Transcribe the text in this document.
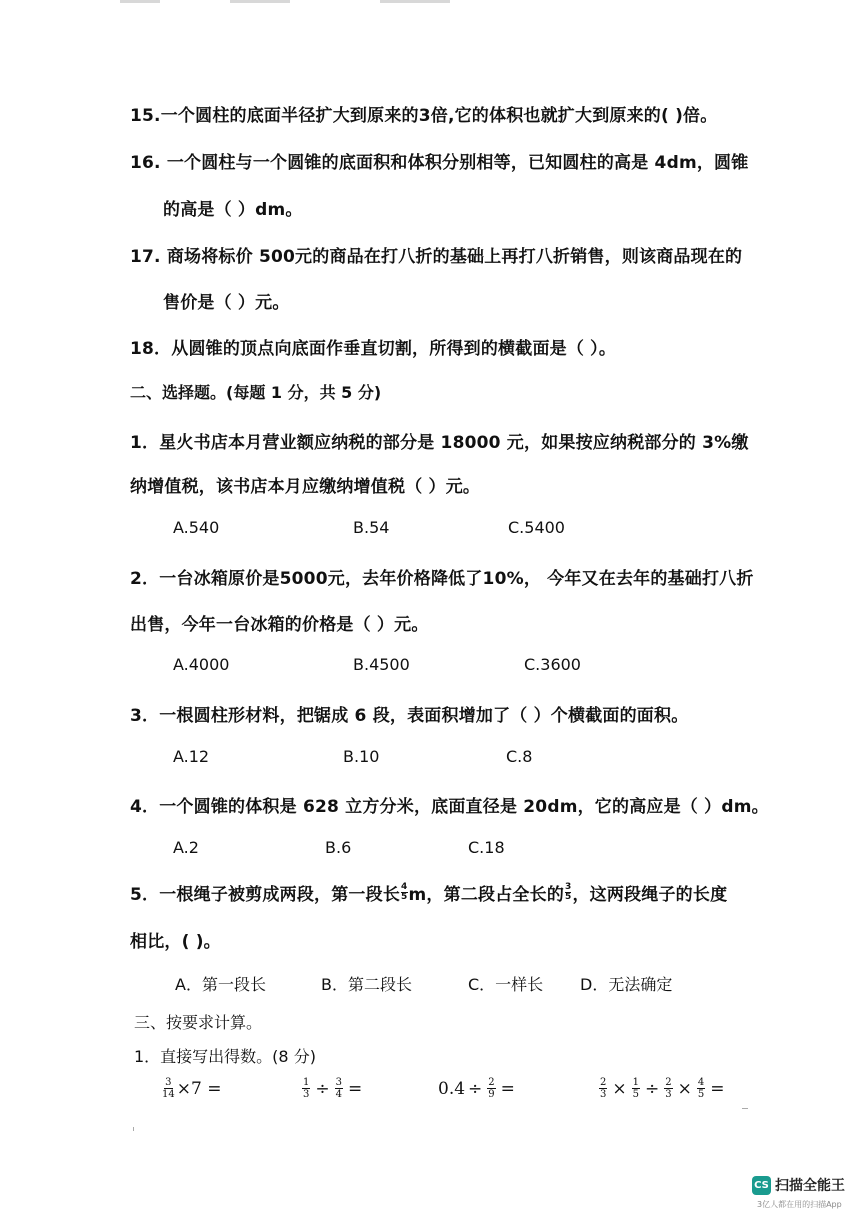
15.一个圆柱的底面半径扩大到原来的3倍,它的体积也就扩大到原来的( )倍。
16. 一个圆柱与一个圆锥的底面积和体积分别相等，已知圆柱的高是 4dm，圆锥
的高是（ ）dm。
17. 商场将标价 500元的商品在打八折的基础上再打八折销售，则该商品现在的
售价是（ ）元。
18．从圆锥的顶点向底面作垂直切割，所得到的横截面是（ ）。
二、选择题。(每题 1 分，共 5 分)
1．星火书店本月营业额应纳税的部分是 18000 元，如果按应纳税部分的 3%缴
纳增值税，该书店本月应缴纳增值税（ ）元。
A.540	B.54	C.5400
2．一台冰箱原价是5000元，去年价格降低了10%， 今年又在去年的基础打八折
出售，今年一台冰箱的价格是（ ）元。
A.4000	B.4500	C.3600
3．一根圆柱形材料，把锯成 6 段，表面积增加了（ ）个横截面的面积。
A.12	B.10	C.8
4．一个圆锥的体积是 628 立方分米，底面直径是 20dm，它的高应是（ ）dm。
A.2	B.6	C.18
5．一根绳子被剪成两段，第一段长 $\frac{4}{5}$ m，第二段占全长的 $\frac{3}{5}$ ，这两段绳子的长度
相比，( )。
A．第一段长	B．第二段长	C．一样长 D．无法确定
三、按要求计算。
1．直接写出得数。(8 分)
$\frac{3}{14} \times 7$ =	$\frac{1}{3} \div \frac{3}{4}$ =	$0.4 \div \frac{2}{9}$ =	$\frac{2}{3} \times \frac{1}{5} \div \frac{2}{3} \times \frac{4}{5}$ =
CS 扫描全能王
3亿人都在用的扫描App
